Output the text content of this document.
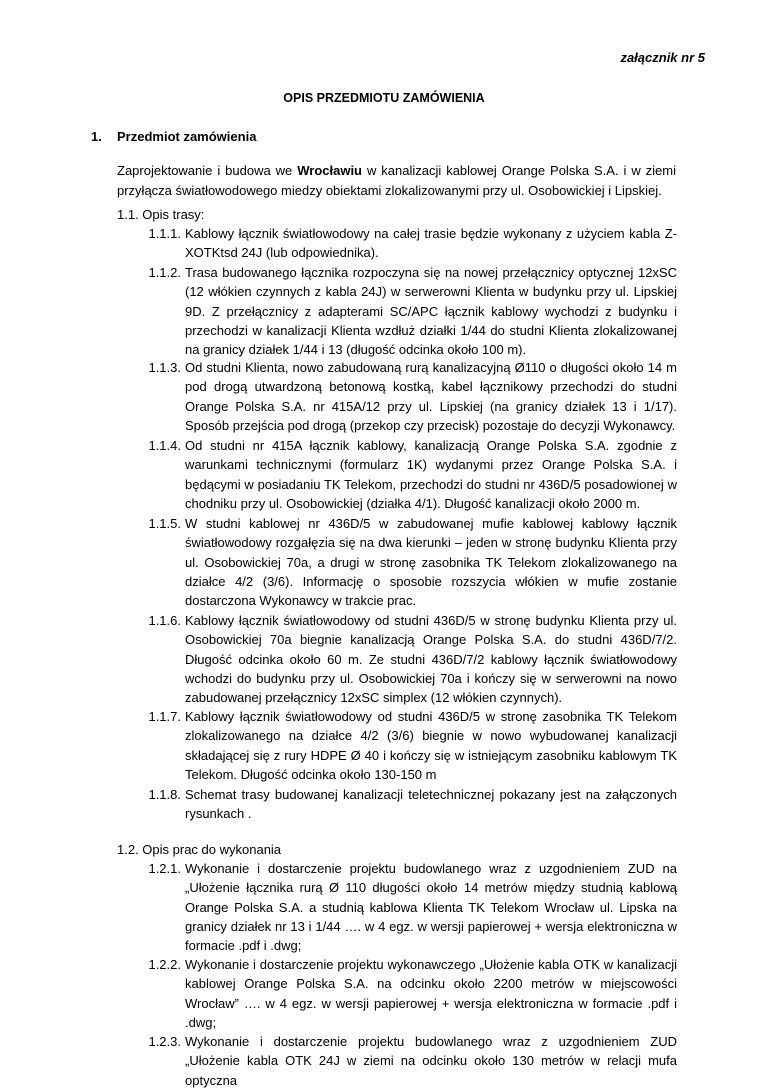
załącznik nr 5
OPIS PRZEDMIOTU ZAMÓWIENIA
1. Przedmiot zamówienia
Zaprojektowanie i budowa we Wrocławiu w kanalizacji kablowej Orange Polska S.A. i w ziemi przyłącza światłowodowego miedzy obiektami zlokalizowanymi przy ul. Osobowickiej i Lipskiej.
1.1. Opis trasy:
1.1.1. Kablowy łącznik światłowodowy na całej trasie będzie wykonany z użyciem kabla Z-XOTKtsd 24J (lub odpowiednika).
1.1.2. Trasa budowanego łącznika rozpoczyna się na nowej przełącznicy optycznej 12xSC (12 włókien czynnych z kabla 24J) w serwerowni Klienta w budynku przy ul. Lipskiej 9D. Z przełącznicy z adapterami SC/APC łącznik kablowy wychodzi z budynku i przechodzi w kanalizacji Klienta wzdłuż działki 1/44 do studni Klienta zlokalizowanej na granicy działek 1/44 i 13 (długość odcinka około 100 m).
1.1.3. Od studni Klienta, nowo zabudowaną rurą kanalizacyjną Ø110 o długości około 14 m pod drogą utwardzoną betonową kostką, kabel łącznikowy przechodzi do studni Orange Polska S.A. nr 415A/12 przy ul. Lipskiej (na granicy działek 13 i 1/17). Sposób przejścia pod drogą (przekop czy przecisk) pozostaje do decyzji Wykonawcy.
1.1.4. Od studni nr 415A łącznik kablowy, kanalizacją Orange Polska S.A. zgodnie z warunkami technicznymi (formularz 1K) wydanymi przez Orange Polska S.A. i będącymi w posiadaniu TK Telekom, przechodzi do studni nr 436D/5 posadowionej w chodniku przy ul. Osobowickiej (działka 4/1). Długość kanalizacji około 2000 m.
1.1.5. W studni kablowej nr 436D/5 w zabudowanej mufie kablowej kablowy łącznik światłowodowy rozgałęzia się na dwa kierunki – jeden w stronę budynku Klienta przy ul. Osobowickiej 70a, a drugi w stronę zasobnika TK Telekom zlokalizowanego na działce 4/2 (3/6). Informację o sposobie rozszycia włókien w mufie zostanie dostarczona Wykonawcy w trakcie prac.
1.1.6. Kablowy łącznik światłowodowy od studni 436D/5 w stronę budynku Klienta przy ul. Osobowickiej 70a biegnie kanalizacją Orange Polska S.A. do studni 436D/7/2. Długość odcinka około 60 m. Ze studni 436D/7/2 kablowy łącznik światłowodowy wchodzi do budynku przy ul. Osobowickiej 70a i kończy się w serwerowni na nowo zabudowanej przełącznicy 12xSC simplex (12 włókien czynnych).
1.1.7. Kablowy łącznik światłowodowy od studni 436D/5 w stronę zasobnika TK Telekom zlokalizowanego na działce 4/2 (3/6) biegnie w nowo wybudowanej kanalizacji składającej się z rury HDPE Ø 40 i kończy się w istniejącym zasobniku kablowym TK Telekom. Długość odcinka około 130-150 m
1.1.8. Schemat trasy budowanej kanalizacji teletechnicznej pokazany jest na załączonych rysunkach .
1.2. Opis prac do wykonania
1.2.1. Wykonanie i dostarczenie projektu budowlanego wraz z uzgodnieniem ZUD na „Ułożenie łącznika rurą Ø 110 długości około 14 metrów między studnią kablową Orange Polska S.A. a studnią kablowa Klienta TK Telekom Wrocław ul. Lipska na granicy działek nr 13 i 1/44 …. w 4 egz. w wersji papierowej + wersja elektroniczna w formacie .pdf i .dwg;
1.2.2. Wykonanie i dostarczenie projektu wykonawczego „Ułożenie kabla OTK w kanalizacji kablowej Orange Polska S.A. na odcinku około 2200 metrów w miejscowości Wrocław” …. w 4 egz. w wersji papierowej + wersja elektroniczna w formacie .pdf i .dwg;
1.2.3. Wykonanie i dostarczenie projektu budowlanego wraz z uzgodnieniem ZUD „Ułożenie kabla OTK 24J w ziemi na odcinku około 130 metrów w relacji mufa optyczna
